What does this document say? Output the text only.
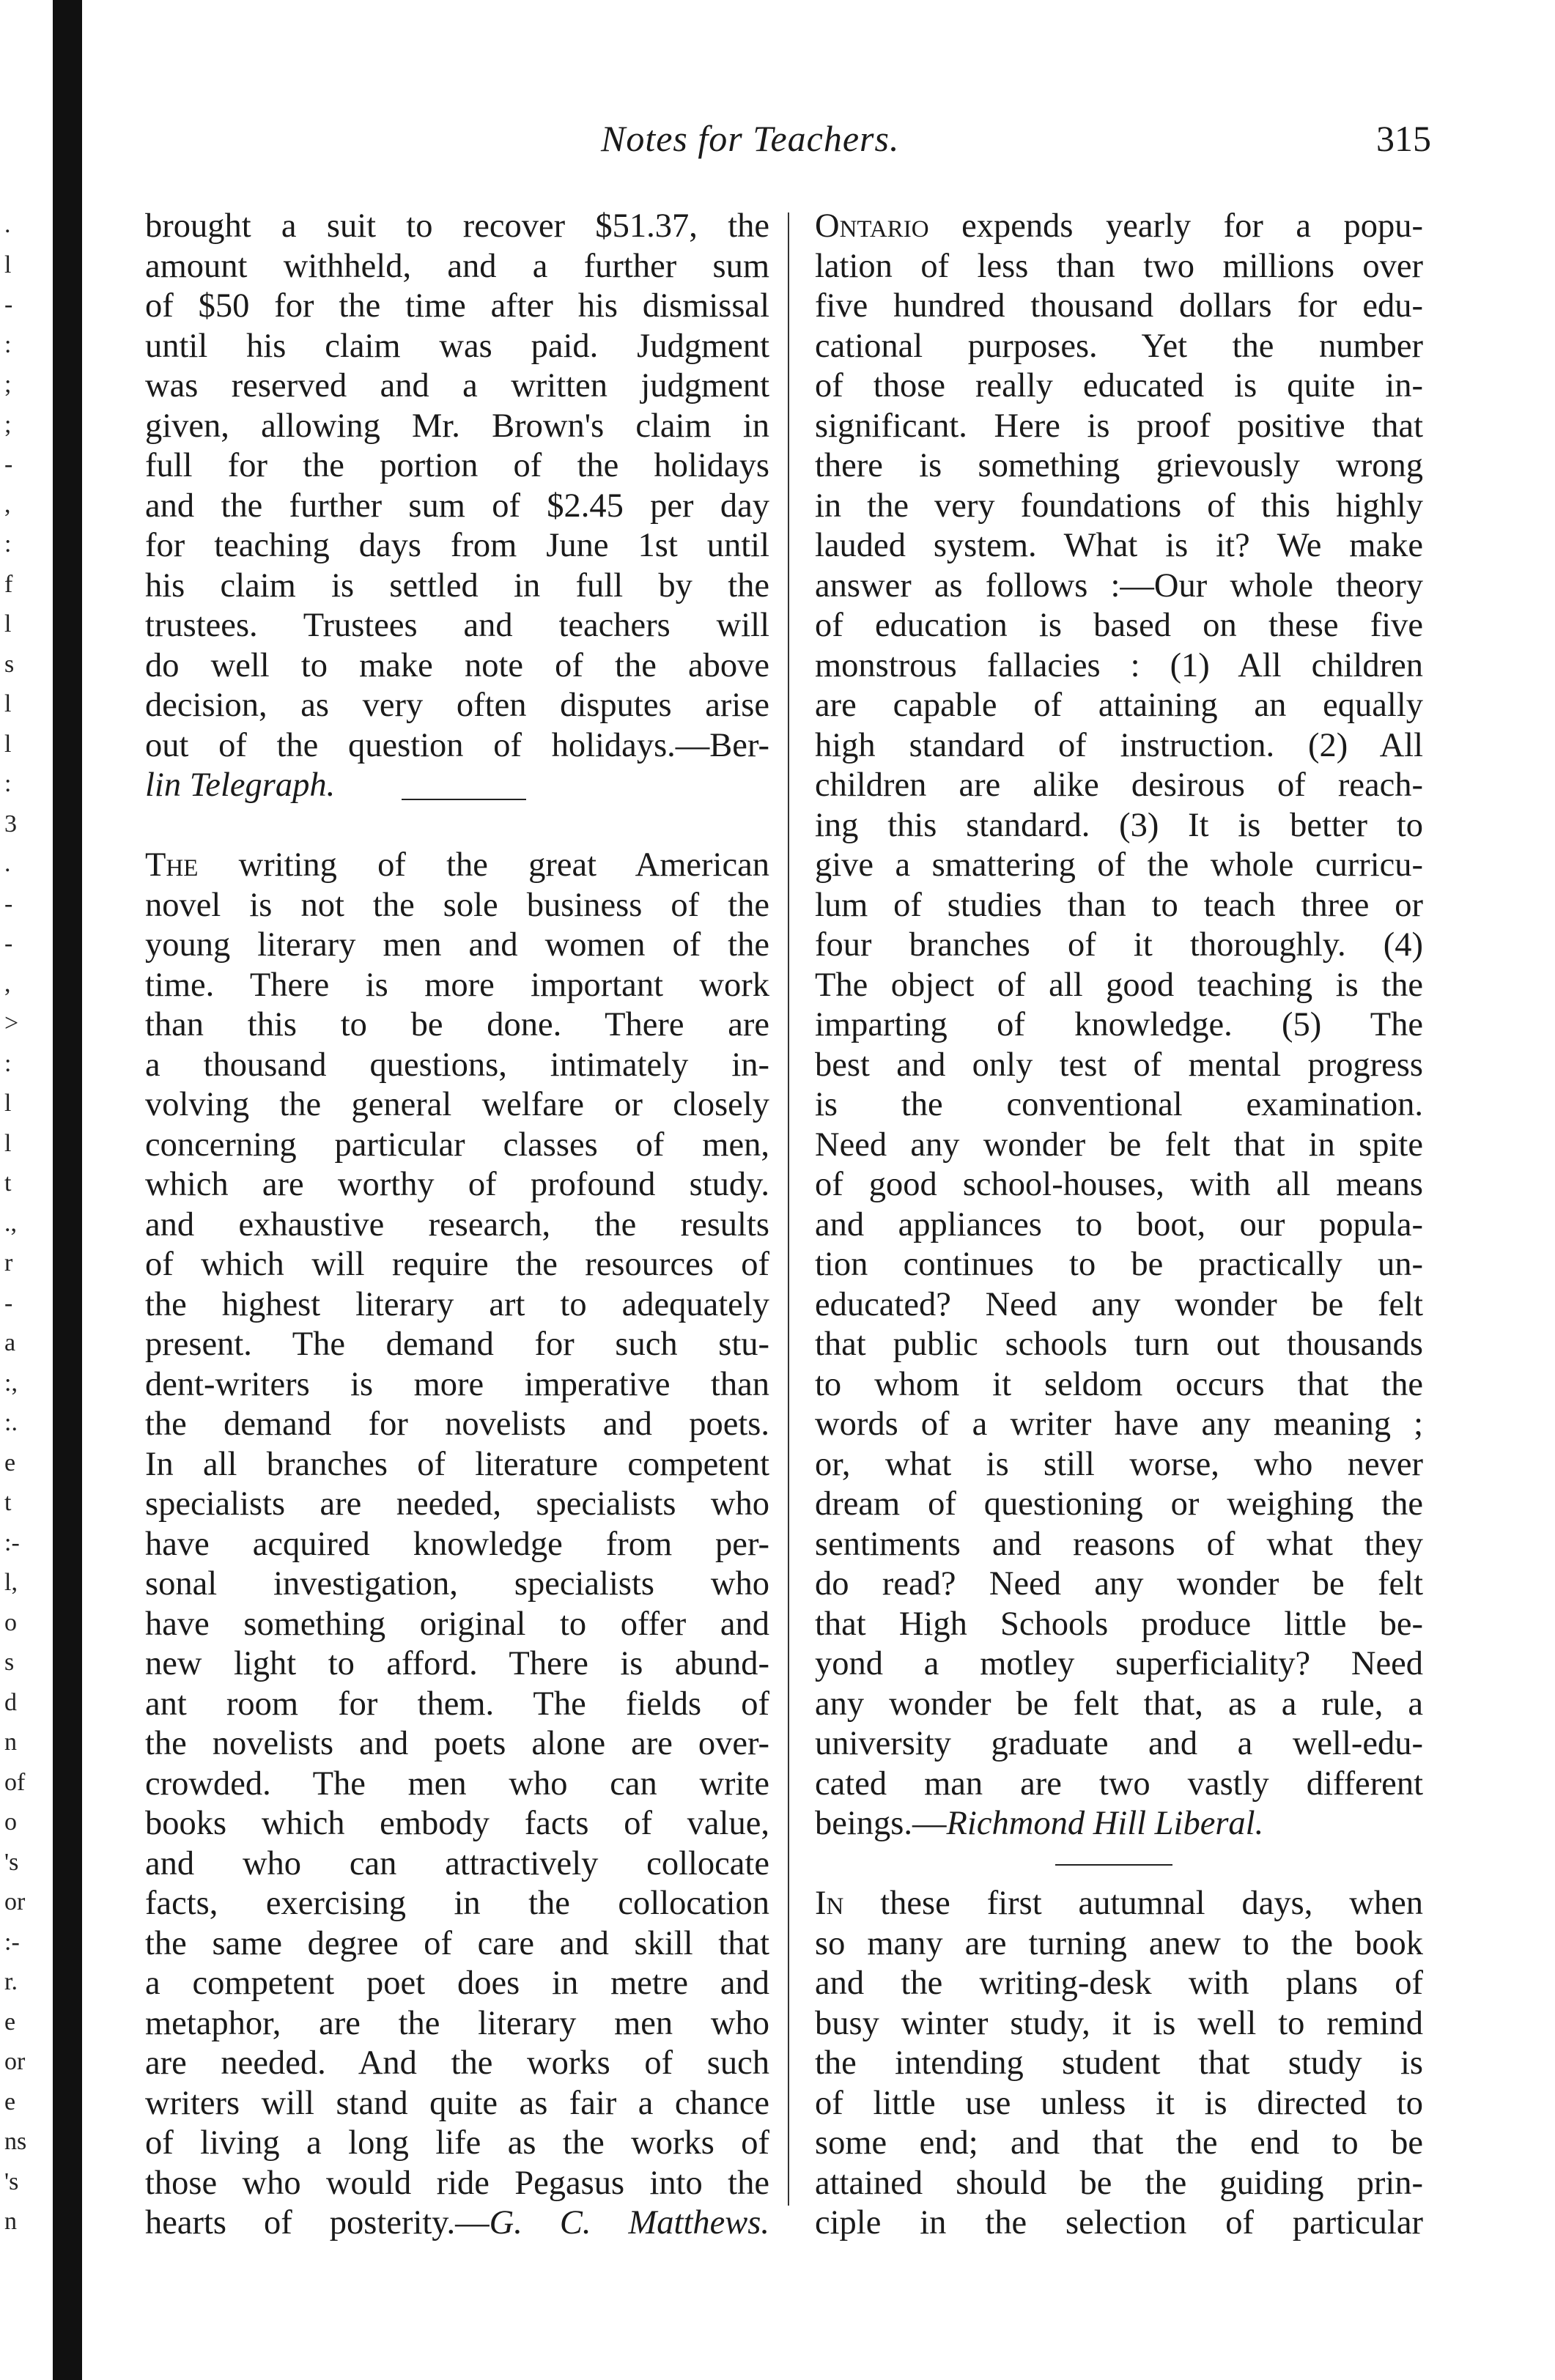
.
l
-
:
;
;
-
,
:
f
l
s
l
l
:
3
.
-
-
,
>
:
l
l
t
.,
r
-
a
:,
:.
e
t
:-
l,
o
s
d
n
of
o
's
or
:-
r.
e
or
e
ns
's
n
Notes for Teachers.	315
brought a suit to recover $51.37, the
amount withheld, and a further sum
of $50 for the time after his dismissal
until his claim was paid. Judgment
was reserved and a written judgment
given, allowing Mr. Brown's claim in
full for the portion of the holidays
and the further sum of $2.45 per day
for teaching days from June 1st until
his claim is settled in full by the
trustees. Trustees and teachers will
do well to make note of the above
decision, as very often disputes arise
out of the question of holidays.—Ber-
lin Telegraph.
The writing of the great American
novel is not the sole business of the
young literary men and women of the
time. There is more important work
than this to be done. There are
a thousand questions, intimately in-
volving the general welfare or closely
concerning particular classes of men,
which are worthy of profound study.
and exhaustive research, the results
of which will require the resources of
the highest literary art to adequately
present. The demand for such stu-
dent-writers is more imperative than
the demand for novelists and poets.
In all branches of literature competent
specialists are needed, specialists who
have acquired knowledge from per-
sonal investigation, specialists who
have something original to offer and
new light to afford. There is abund-
ant room for them. The fields of
the novelists and poets alone are over-
crowded. The men who can write
books which embody facts of value,
and who can attractively collocate
facts, exercising in the collocation
the same degree of care and skill that
a competent poet does in metre and
metaphor, are the literary men who
are needed. And the works of such
writers will stand quite as fair a chance
of living a long life as the works of
those who would ride Pegasus into the
hearts of posterity.—G. C. Matthews.
Ontario expends yearly for a popu-
lation of less than two millions over
five hundred thousand dollars for edu-
cational purposes. Yet the number
of those really educated is quite in-
significant. Here is proof positive that
there is something grievously wrong
in the very foundations of this highly
lauded system. What is it? We make
answer as follows :—Our whole theory
of education is based on these five
monstrous fallacies : (1) All children
are capable of attaining an equally
high standard of instruction. (2) All
children are alike desirous of reach-
ing this standard. (3) It is better to
give a smattering of the whole curricu-
lum of studies than to teach three or
four branches of it thoroughly. (4)
The object of all good teaching is the
imparting of knowledge. (5) The
best and only test of mental progress
is the conventional examination.
Need any wonder be felt that in spite
of good school-houses, with all means
and appliances to boot, our popula-
tion continues to be practically un-
educated? Need any wonder be felt
that public schools turn out thousands
to whom it seldom occurs that the
words of a writer have any meaning ;
or, what is still worse, who never
dream of questioning or weighing the
sentiments and reasons of what they
do read? Need any wonder be felt
that High Schools produce little be-
yond a motley superficiality? Need
any wonder be felt that, as a rule, a
university graduate and a well-edu-
cated man are two vastly different
beings.—Richmond Hill Liberal.
In these first autumnal days, when
so many are turning anew to the book
and the writing-desk with plans of
busy winter study, it is well to remind
the intending student that study is
of little use unless it is directed to
some end; and that the end to be
attained should be the guiding prin-
ciple in the selection of particular
